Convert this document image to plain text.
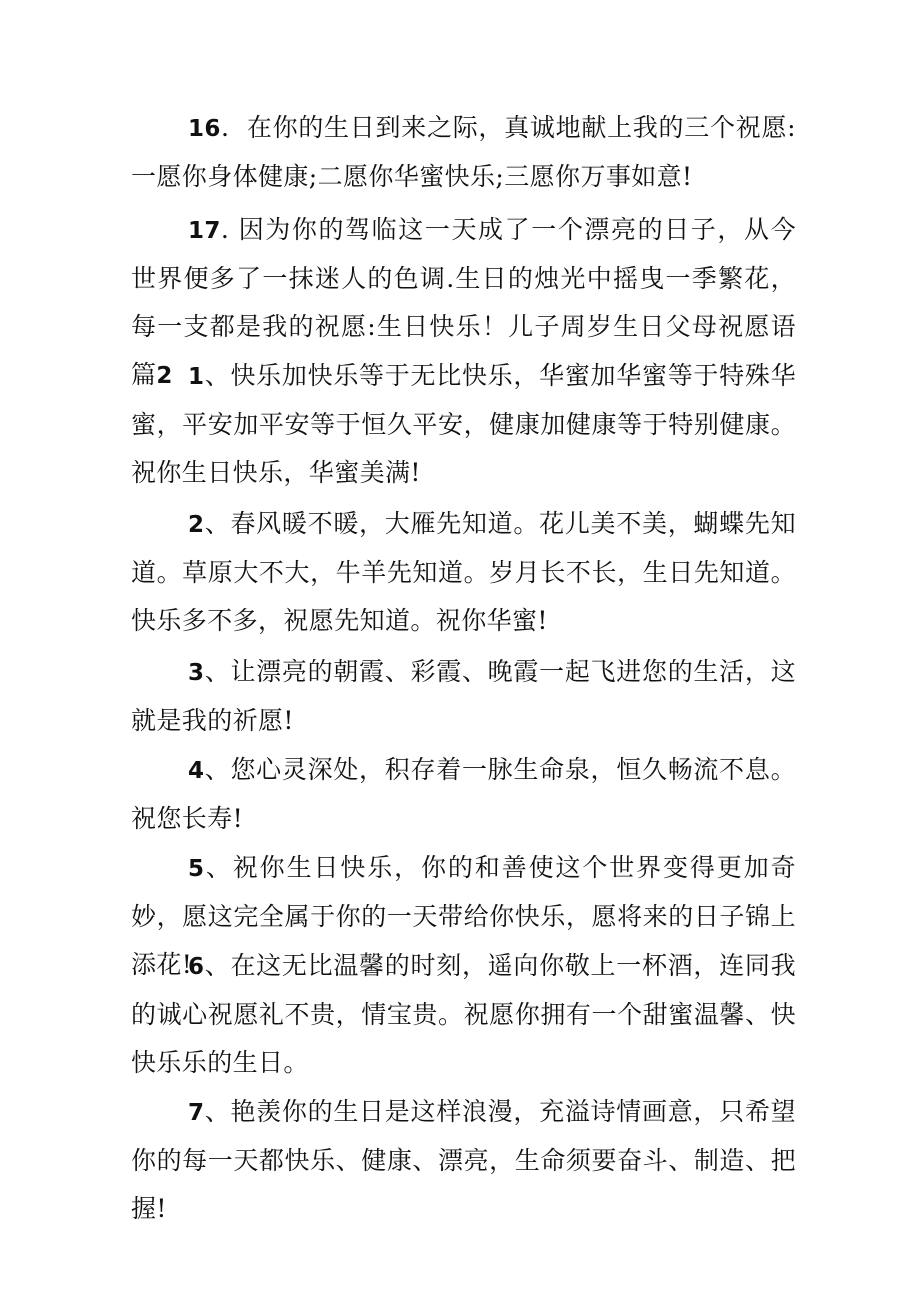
16．在你的生日到来之际，真诚地献上我的三个祝愿:一愿你身体健康;二愿你华蜜快乐;三愿你万事如意!

17. 因为你的驾临这一天成了一个漂亮的日子，从今世界便多了一抹迷人的色调.生日的烛光中摇曳一季繁花，每一支都是我的祝愿:生日快乐！儿子周岁生日父母祝愿语篇2 1、快乐加快乐等于无比快乐，华蜜加华蜜等于特殊华蜜，平安加平安等于恒久平安，健康加健康等于特别健康。祝你生日快乐，华蜜美满!

2、春风暖不暖，大雁先知道。花儿美不美，蝴蝶先知道。草原大不大，牛羊先知道。岁月长不长，生日先知道。快乐多不多，祝愿先知道。祝你华蜜!

3、让漂亮的朝霞、彩霞、晚霞一起飞进您的生活，这就是我的祈愿!

4、您心灵深处，积存着一脉生命泉，恒久畅流不息。祝您长寿!

5、祝你生日快乐，你的和善使这个世界变得更加奇妙，愿这完全属于你的一天带给你快乐，愿将来的日子锦上添花!

6、在这无比温馨的时刻，遥向你敬上一杯酒，连同我的诚心祝愿礼不贵，情宝贵。祝愿你拥有一个甜蜜温馨、快快乐乐的生日。

7、艳羡你的生日是这样浪漫，充溢诗情画意，只希望你的每一天都快乐、健康、漂亮，生命须要奋斗、制造、把握!
